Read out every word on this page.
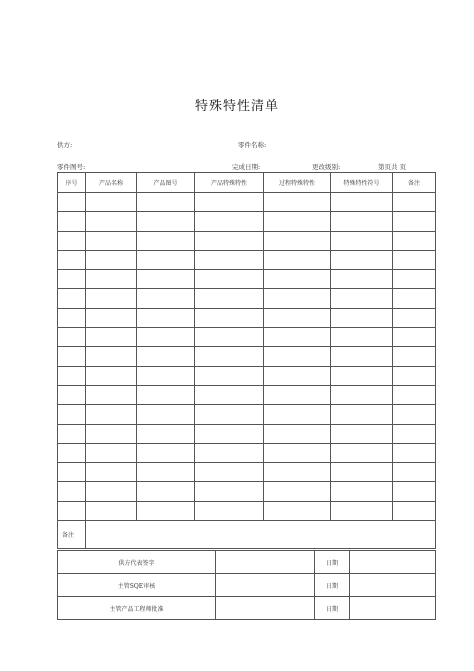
特殊特性清单
供方:	零件名称:
零件图号:	完成日期:	更改级别:	第页共 页
序号	产品名称	产品图号	产品特殊特性	过程特殊特性	特殊特性符号	备注

备注						
供方代表签字		日期	
主管SQE审核		日期	
主管产品工程师批准		日期	
